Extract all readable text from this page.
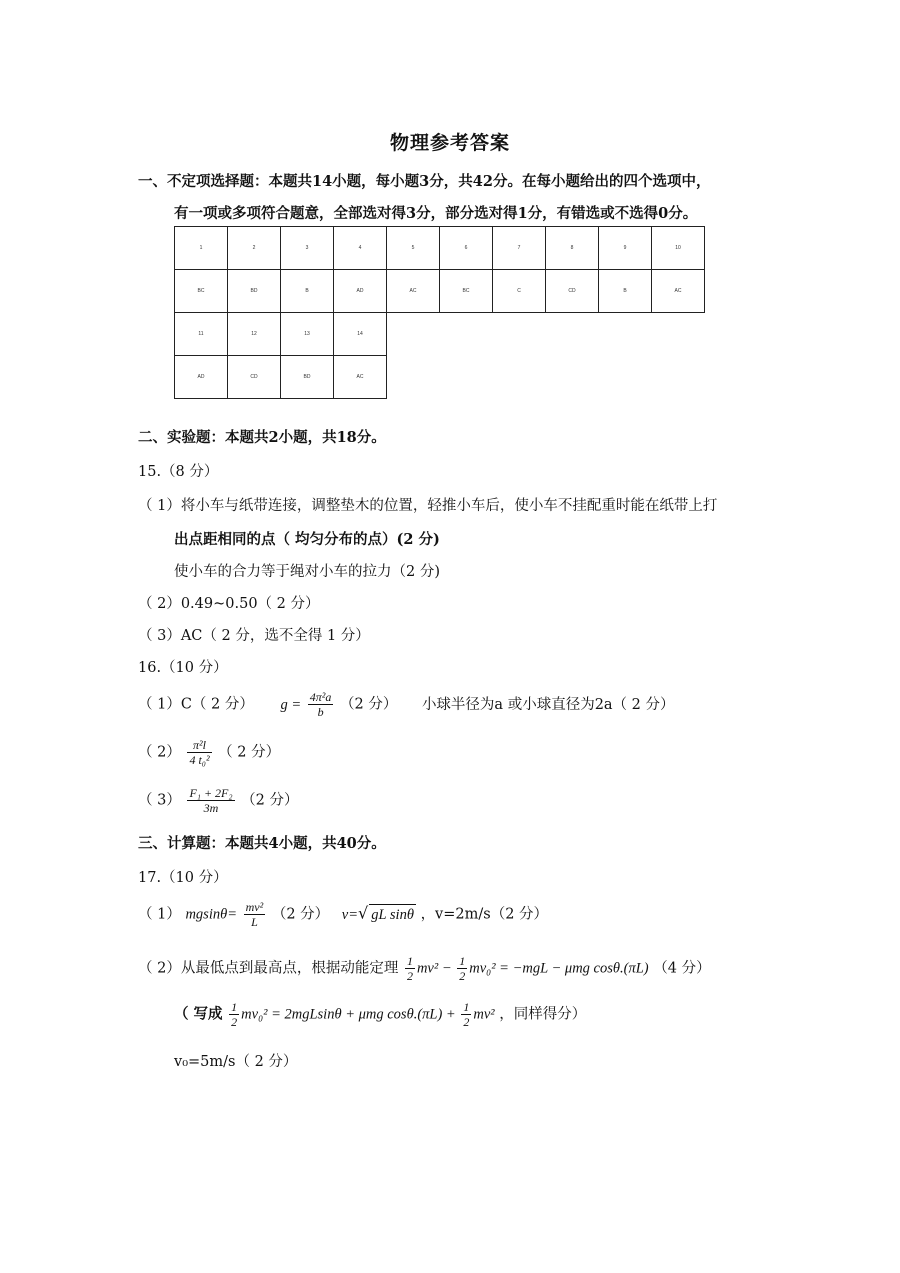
物理参考答案
一、不定项选择题：本题共14小题，每小题3分，共42分。在每小题给出的四个选项中，
有一项或多项符合题意，全部选对得3分，部分选对得1分，有错选或不选得0分。
1	2	3	4	5	6	7	8	9	10
BC	BD	B	AD	AC	BC	C	CD	B	AC
11	12	13	14						
AD	CD	BD	AC						
二、实验题：本题共2小题，共18分。
15.（8 分）
（ 1）将小车与纸带连接，调整垫木的位置，轻推小车后，使小车不挂配重时能在纸带上打
出点距相同的点（ 均匀分布的点）(2 分)
使小车的合力等于绳对小车的拉力（2 分)
（ 2）0.49~0.50（ 2 分）
（ 3）AC（ 2 分，选不全得 1 分）
16.（10 分）
（ 1）C（ 2 分） $g = \frac{\text{4π²a}}{b} (2$ 分） 小球半径为a 或小球直径为2a（ 2 分）
（ $2) \frac{\text{π²l}}{\text{4 t₀²}}$ （ 2 分）
（ $3) \frac{\text{F₁ + 2F₂}}{3m} (2$ 分）
三、计算题：本题共4小题，共40分。
17.（10 分）
（ 1） $mgsin\theta= \frac{\text{mv²}}{L} (2$ 分） v=√ gL sinθ ，v=2m/s（2 分）
（ 2）从最低点到最高点，根据动能定理 $\frac{1}{2} mv^2 - \frac{1}{2} mv_0^2 = -mgL - \mu mg$ cosθ.(πL) （4 分）
（ 写成 $\frac{1}{2} mv_0^2 = 2mgLsin\theta + \mu mg$ $\cos\theta.(\pi L) + \frac{1}{2} mv^2$ ，同样得分）
v₀=5m/s（ 2 分）
